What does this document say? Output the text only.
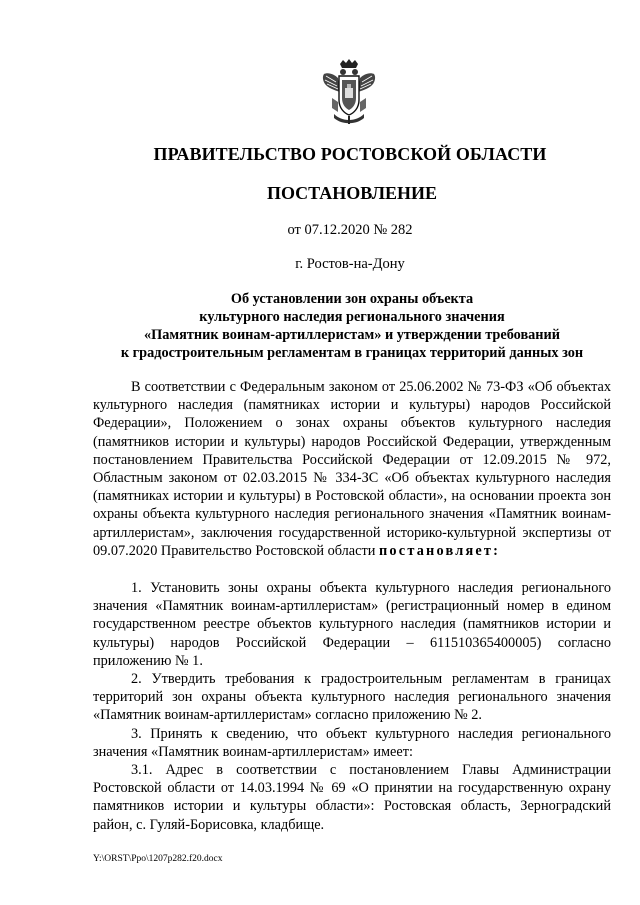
ПРАВИТЕЛЬСТВО РОСТОВСКОЙ ОБЛАСТИ
ПОСТАНОВЛЕНИЕ
от 07.12.2020 № 282
г. Ростов-на-Дону
Об установлении зон охраны объекта
культурного наследия регионального значения
«Памятник воинам-артиллеристам» и утверждении требований
к градостроительным регламентам в границах территорий данных зон

В соответствии с Федеральным законом от 25.06.2002 № 73-ФЗ «Об объектах культурного наследия (памятниках истории и культуры) народов Российской Федерации», Положением о зонах охраны объектов культурного наследия (памятников истории и культуры) народов Российской Федерации, утвержденным постановлением Правительства Российской Федерации от 12.09.2015 № 972, Областным законом от 02.03.2015 № 334-ЗС «Об объектах культурного наследия (памятниках истории и культуры) в Ростовской области», на основании проекта зон охраны объекта культурного наследия регионального значения «Памятник воинам-артиллеристам», заключения государственной историко-культурной экспертизы от 09.07.2020 Правительство Ростовской области постановляет:

1. Установить зоны охраны объекта культурного наследия регионального значения «Памятник воинам-артиллеристам» (регистрационный номер в едином государственном реестре объектов культурного наследия (памятников истории и культуры) народов Российской Федерации – 611510365400005) согласно приложению № 1.

2. Утвердить требования к градостроительным регламентам в границах территорий зон охраны объекта культурного наследия регионального значения «Памятник воинам-артиллеристам» согласно приложению № 2.

3. Принять к сведению, что объект культурного наследия регионального значения «Памятник воинам-артиллеристам» имеет:

3.1. Адрес в соответствии с постановлением Главы Администрации Ростовской области от 14.03.1994 № 69 «О принятии на государственную охрану памятников истории и культуры области»: Ростовская область, Зерноградский район, с. Гуляй-Борисовка, кладбище.

Y:\ORST\Ppo\1207p282.f20.docx
